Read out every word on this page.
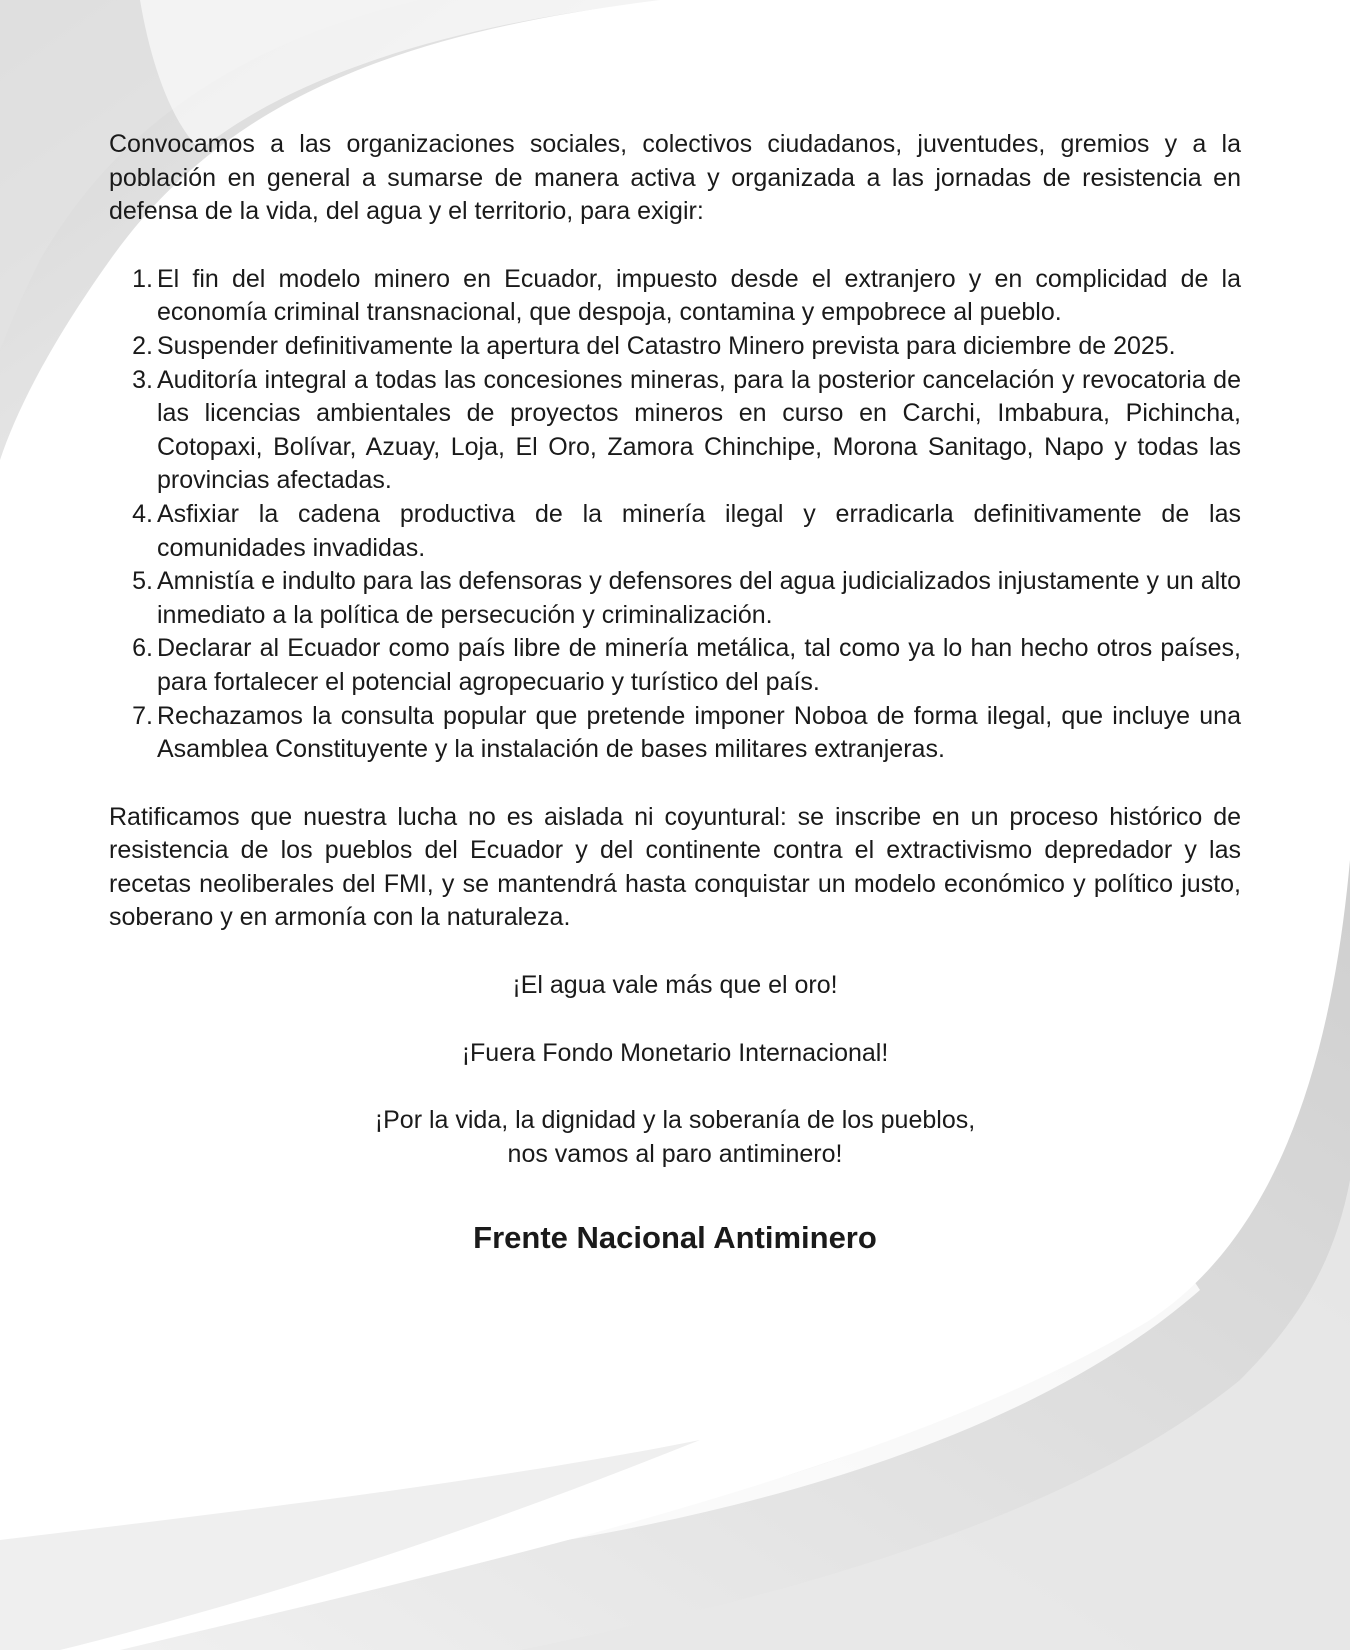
Convocamos a las organizaciones sociales, colectivos ciudadanos, juventudes, gremios y a la población en general a sumarse de manera activa y organizada a las jornadas de resistencia en defensa de la vida, del agua y el territorio, para exigir:

1. El fin del modelo minero en Ecuador, impuesto desde el extranjero y en complicidad de la economía criminal transnacional, que despoja, contamina y empobrece al pueblo.
2. Suspender definitivamente la apertura del Catastro Minero prevista para diciembre de 2025.
3. Auditoría integral a todas las concesiones mineras, para la posterior cancelación y revocatoria de las licencias ambientales de proyectos mineros en curso en Carchi, Imbabura, Pichincha, Cotopaxi, Bolívar, Azuay, Loja, El Oro, Zamora Chinchipe, Morona Sanitago, Napo y todas las provincias afectadas.
4. Asfixiar la cadena productiva de la minería ilegal y erradicarla definitivamente de las comunidades invadidas.
5. Amnistía e indulto para las defensoras y defensores del agua judicializados injustamente y un alto inmediato a la política de persecución y criminalización.
6. Declarar al Ecuador como país libre de minería metálica, tal como ya lo han hecho otros países, para fortalecer el potencial agropecuario y turístico del país.
7. Rechazamos la consulta popular que pretende imponer Noboa de forma ilegal, que incluye una Asamblea Constituyente y la instalación de bases militares extranjeras.

Ratificamos que nuestra lucha no es aislada ni coyuntural: se inscribe en un proceso histórico de resistencia de los pueblos del Ecuador y del continente contra el extractivismo depredador y las recetas neoliberales del FMI, y se mantendrá hasta conquistar un modelo económico y político justo, soberano y en armonía con la naturaleza.

¡El agua vale más que el oro!

¡Fuera Fondo Monetario Internacional!

¡Por la vida, la dignidad y la soberanía de los pueblos,

nos vamos al paro antiminero!

Frente Nacional Antiminero
